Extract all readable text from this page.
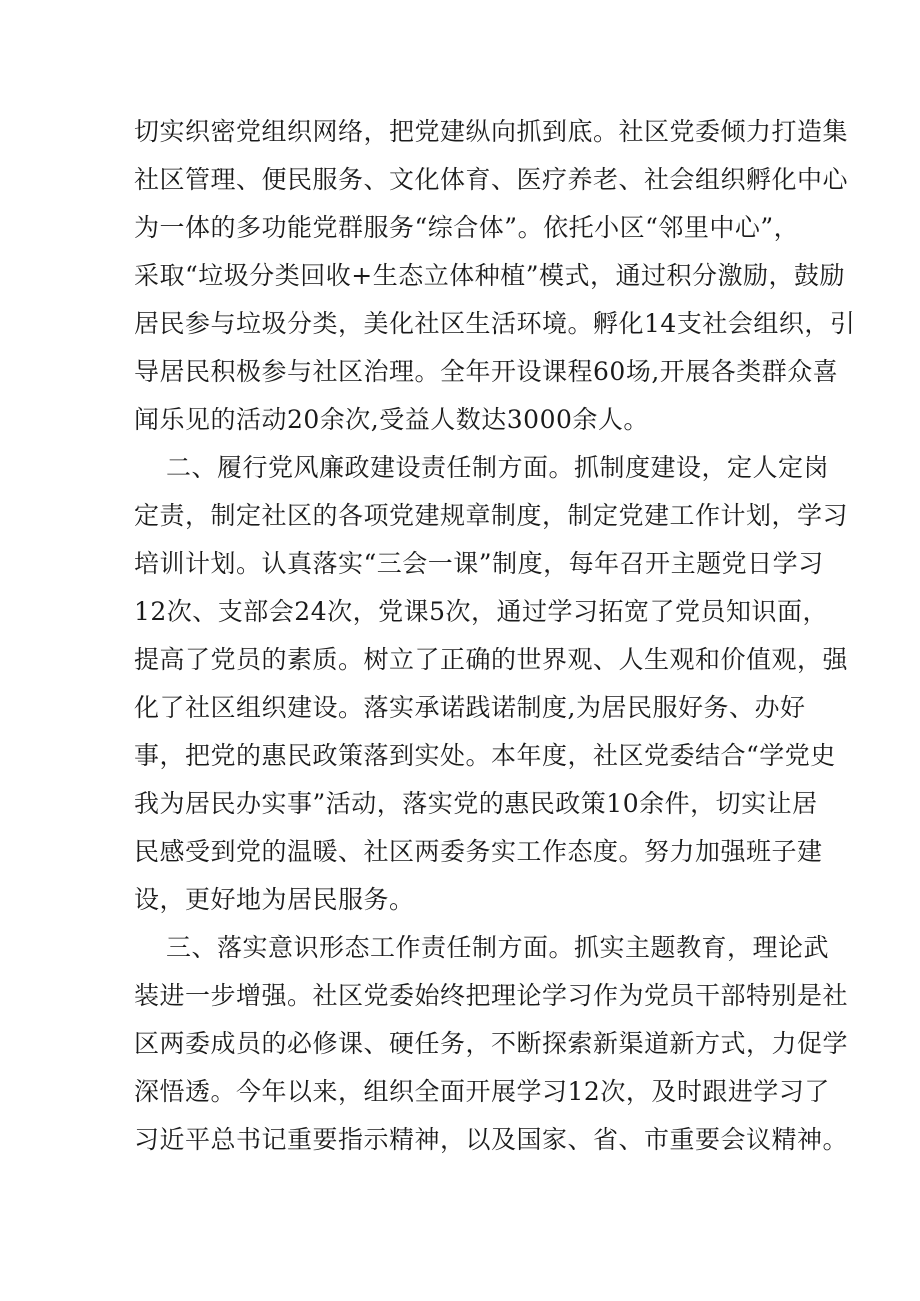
切实织密党组织网络，把党建纵向抓到底。社区党委倾力打造集
社区管理、便民服务、文化体育、医疗养老、社会组织孵化中心
为一体的多功能党群服务“综合体”。依托小区“邻里中心”，
采取“垃圾分类回收+生态立体种植”模式，通过积分激励，鼓励
居民参与垃圾分类，美化社区生活环境。孵化14支社会组织，引
导居民积极参与社区治理。全年开设课程60场,开展各类群众喜
闻乐见的活动20余次,受益人数达3000余人。
二、履行党风廉政建设责任制方面。抓制度建设，定人定岗
定责，制定社区的各项党建规章制度，制定党建工作计划，学习
培训计划。认真落实“三会一课”制度，每年召开主题党日学习
12次、支部会24次，党课5次，通过学习拓宽了党员知识面，
提高了党员的素质。树立了正确的世界观、人生观和价值观，强
化了社区组织建设。落实承诺践诺制度,为居民服好务、办好
事，把党的惠民政策落到实处。本年度，社区党委结合“学党史
我为居民办实事”活动，落实党的惠民政策10余件，切实让居
民感受到党的温暖、社区两委务实工作态度。努力加强班子建
设，更好地为居民服务。
三、落实意识形态工作责任制方面。抓实主题教育，理论武
装进一步增强。社区党委始终把理论学习作为党员干部特别是社
区两委成员的必修课、硬任务，不断探索新渠道新方式，力促学
深悟透。今年以来，组织全面开展学习12次，及时跟进学习了
习近平总书记重要指示精神，以及国家、省、市重要会议精神。
